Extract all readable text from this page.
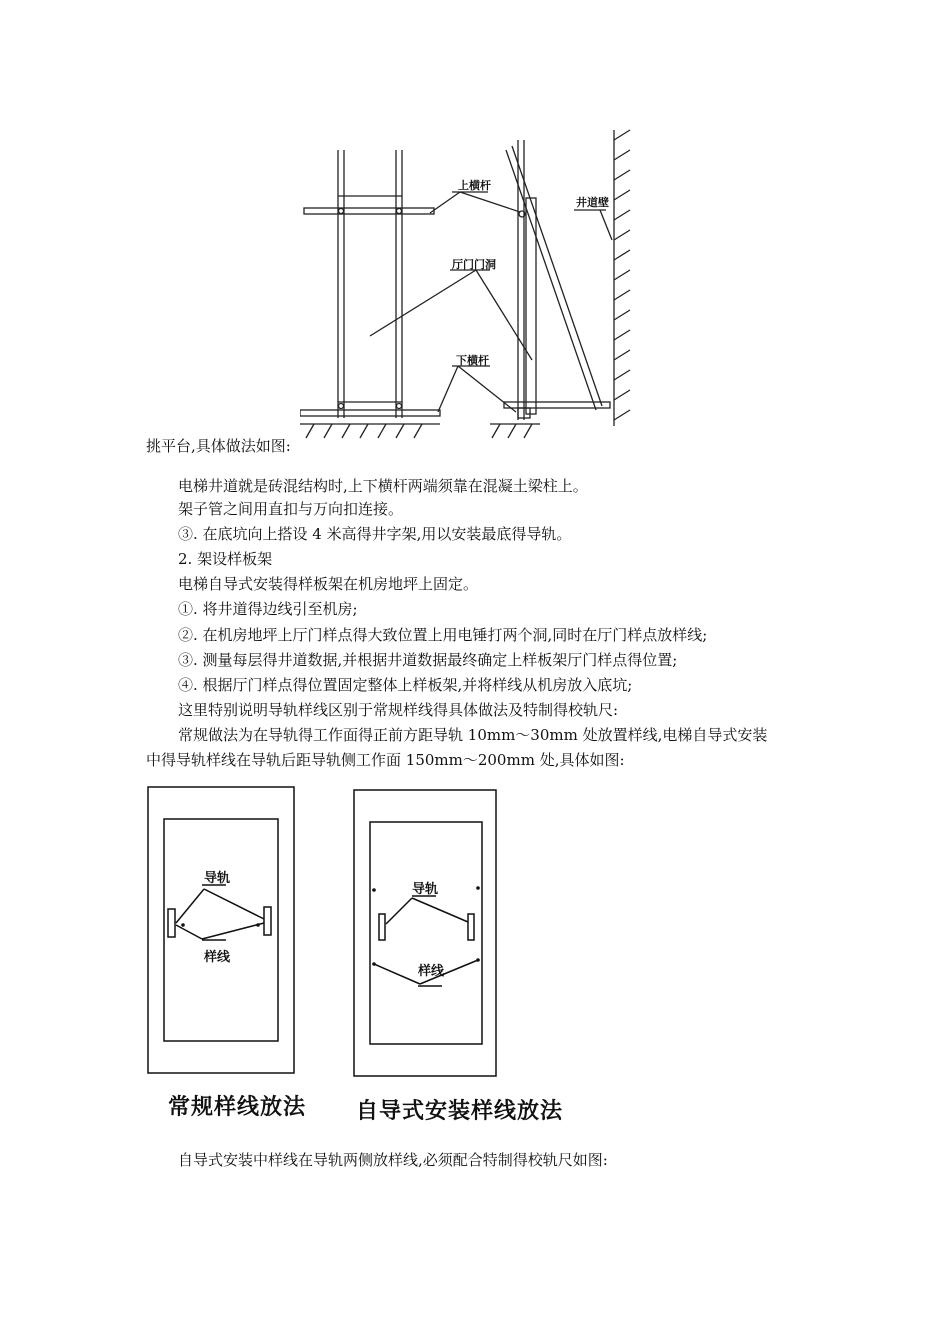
上横杆
厅门门洞
下横杆
井道壁
挑平台,具体做法如图:
电梯井道就是砖混结构时,上下横杆两端须靠在混凝土梁柱上。
架子管之间用直扣与万向扣连接。
③. 在底坑向上搭设 4 米高得井字架,用以安装最底得导轨。
2. 架设样板架
电梯自导式安装得样板架在机房地坪上固定。
①. 将井道得边线引至机房;
②. 在机房地坪上厅门样点得大致位置上用电锤打两个洞,同时在厅门样点放样线;
③. 测量每层得井道数据,并根据井道数据最终确定上样板架厅门样点得位置;
④. 根据厅门样点得位置固定整体上样板架,并将样线从机房放入底坑;
这里特别说明导轨样线区别于常规样线得具体做法及特制得校轨尺:
常规做法为在导轨得工作面得正前方距导轨 10mm～30mm 处放置样线,电梯自导式安装
中得导轨样线在导轨后距导轨侧工作面 150mm～200mm 处,具体如图:
导轨
样线
常规样线放法
导轨
样线
自导式安装样线放法
自导式安装中样线在导轨两侧放样线,必须配合特制得校轨尺如图:
